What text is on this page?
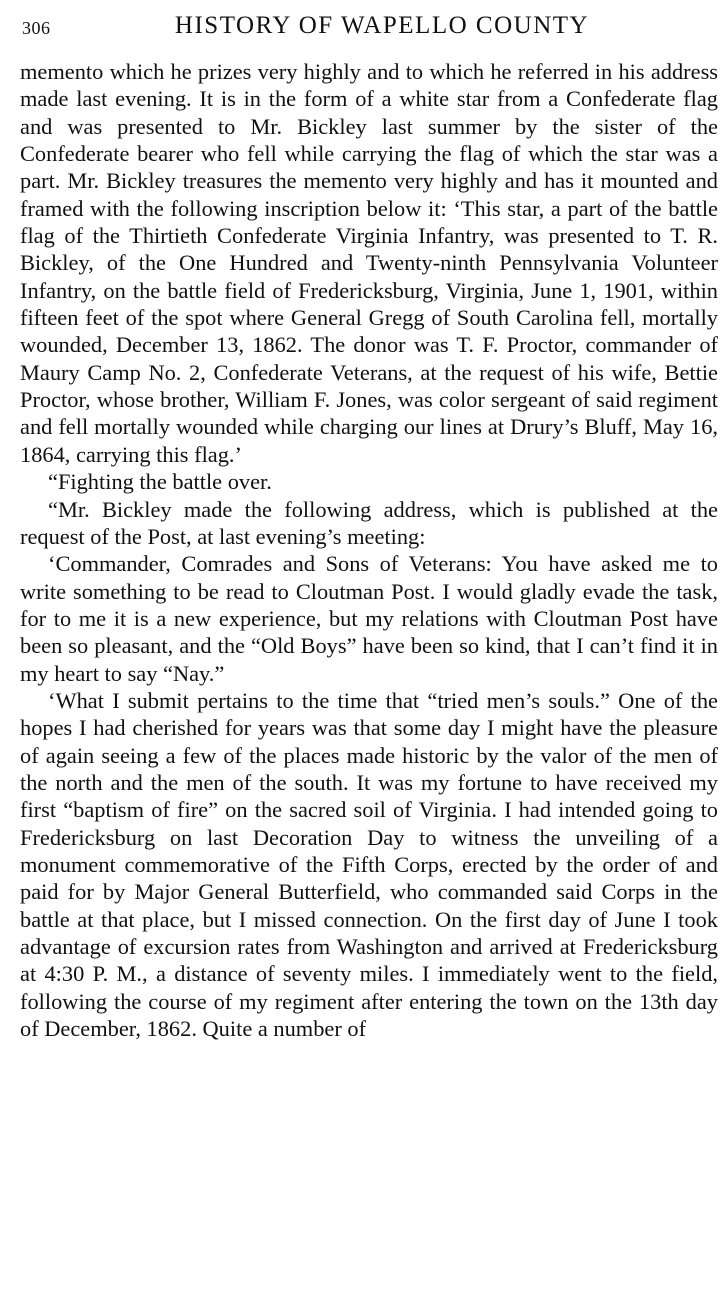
306	HISTORY OF WAPELLO COUNTY

memento which he prizes very highly and to which he referred in his address made last evening. It is in the form of a white star from a Confederate flag and was presented to Mr. Bickley last summer by the sister of the Confederate bearer who fell while carrying the flag of which the star was a part. Mr. Bickley treasures the memento very highly and has it mounted and framed with the following inscription below it: ‘This star, a part of the battle flag of the Thirtieth Confederate Virginia Infantry, was presented to T. R. Bickley, of the One Hundred and Twenty-ninth Pennsylvania Volunteer Infantry, on the battle field of Fredericksburg, Virginia, June 1, 1901, within fifteen feet of the spot where General Gregg of South Carolina fell, mortally wounded, December 13, 1862. The donor was T. F. Proctor, commander of Maury Camp No. 2, Confederate Veterans, at the request of his wife, Bettie Proctor, whose brother, William F. Jones, was color sergeant of said regiment and fell mortally wounded while charging our lines at Drury’s Bluff, May 16, 1864, carrying this flag.’

“Fighting the battle over.

“Mr. Bickley made the following address, which is published at the request of the Post, at last evening’s meeting:

‘Commander, Comrades and Sons of Veterans: You have asked me to write something to be read to Cloutman Post. I would gladly evade the task, for to me it is a new experience, but my relations with Cloutman Post have been so pleasant, and the “Old Boys” have been so kind, that I can’t find it in my heart to say “Nay.”

‘What I submit pertains to the time that “tried men’s souls.” One of the hopes I had cherished for years was that some day I might have the pleasure of again seeing a few of the places made historic by the valor of the men of the north and the men of the south. It was my fortune to have received my first “baptism of fire” on the sacred soil of Virginia. I had intended going to Fredericksburg on last Decoration Day to witness the unveiling of a monument commemorative of the Fifth Corps, erected by the order of and paid for by Major General Butterfield, who commanded said Corps in the battle at that place, but I missed connection. On the first day of June I took advantage of excursion rates from Washington and arrived at Fredericksburg at 4:30 P. M., a distance of seventy miles. I immediately went to the field, following the course of my regiment after entering the town on the 13th day of December, 1862. Quite a number of
